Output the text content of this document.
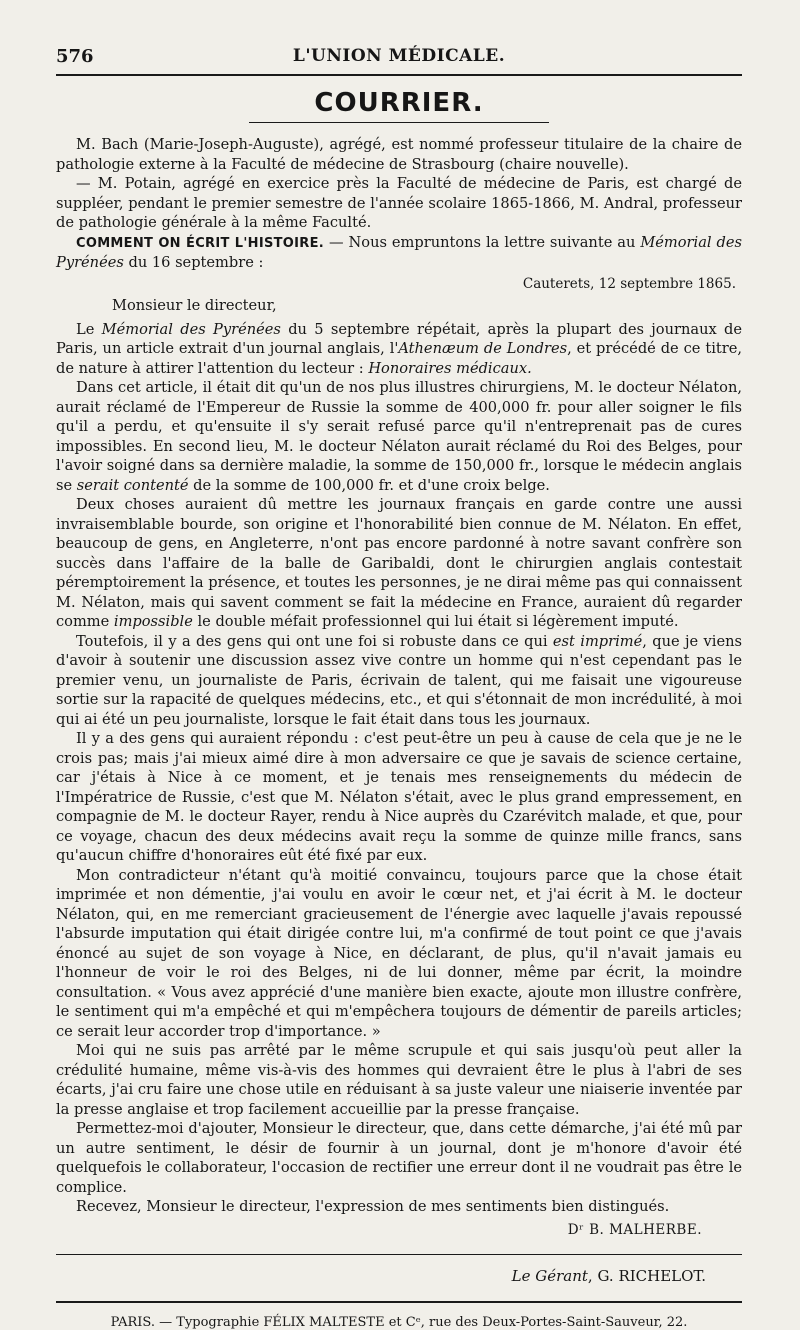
576	L'UNION MÉDICALE.
COURRIER.

M. Bach (Marie-Joseph-Auguste), agrégé, est nommé professeur titulaire de la chaire de pathologie externe à la Faculté de médecine de Strasbourg (chaire nouvelle).

— M. Potain, agrégé en exercice près la Faculté de médecine de Paris, est chargé de suppléer, pendant le premier semestre de l'année scolaire 1865-1866, M. Andral, professeur de pathologie générale à la même Faculté.

COMMENT ON ÉCRIT L'HISTOIRE. — Nous empruntons la lettre suivante au Mémorial des Pyrénées du 16 septembre :

Cauterets, 12 septembre 1865.

Monsieur le directeur,

Le Mémorial des Pyrénées du 5 septembre répétait, après la plupart des journaux de Paris, un article extrait d'un journal anglais, l'Athenæum de Londres, et précédé de ce titre, de nature à attirer l'attention du lecteur : Honoraires médicaux.

Dans cet article, il était dit qu'un de nos plus illustres chirurgiens, M. le docteur Nélaton, aurait réclamé de l'Empereur de Russie la somme de 400,000 fr. pour aller soigner le fils qu'il a perdu, et qu'ensuite il s'y serait refusé parce qu'il n'entreprenait pas de cures impossibles. En second lieu, M. le docteur Nélaton aurait réclamé du Roi des Belges, pour l'avoir soigné dans sa dernière maladie, la somme de 150,000 fr., lorsque le médecin anglais se serait contenté de la somme de 100,000 fr. et d'une croix belge.

Deux choses auraient dû mettre les journaux français en garde contre une aussi invraisemblable bourde, son origine et l'honorabilité bien connue de M. Nélaton. En effet, beaucoup de gens, en Angleterre, n'ont pas encore pardonné à notre savant confrère son succès dans l'affaire de la balle de Garibaldi, dont le chirurgien anglais contestait péremptoirement la présence, et toutes les personnes, je ne dirai même pas qui connaissent M. Nélaton, mais qui savent comment se fait la médecine en France, auraient dû regarder comme impossible le double méfait professionnel qui lui était si légèrement imputé.

Toutefois, il y a des gens qui ont une foi si robuste dans ce qui est imprimé, que je viens d'avoir à soutenir une discussion assez vive contre un homme qui n'est cependant pas le premier venu, un journaliste de Paris, écrivain de talent, qui me faisait une vigoureuse sortie sur la rapacité de quelques médecins, etc., et qui s'étonnait de mon incrédulité, à moi qui ai été un peu journaliste, lorsque le fait était dans tous les journaux.

Il y a des gens qui auraient répondu : c'est peut-être un peu à cause de cela que je ne le crois pas; mais j'ai mieux aimé dire à mon adversaire ce que je savais de science certaine, car j'étais à Nice à ce moment, et je tenais mes renseignements du médecin de l'Impératrice de Russie, c'est que M. Nélaton s'était, avec le plus grand empressement, en compagnie de M. le docteur Rayer, rendu à Nice auprès du Czarévitch malade, et que, pour ce voyage, chacun des deux médecins avait reçu la somme de quinze mille francs, sans qu'aucun chiffre d'honoraires eût été fixé par eux.

Mon contradicteur n'étant qu'à moitié convaincu, toujours parce que la chose était imprimée et non démentie, j'ai voulu en avoir le cœur net, et j'ai écrit à M. le docteur Nélaton, qui, en me remerciant gracieusement de l'énergie avec laquelle j'avais repoussé l'absurde imputation qui était dirigée contre lui, m'a confirmé de tout point ce que j'avais énoncé au sujet de son voyage à Nice, en déclarant, de plus, qu'il n'avait jamais eu l'honneur de voir le roi des Belges, ni de lui donner, même par écrit, la moindre consultation. « Vous avez apprécié d'une manière bien exacte, ajoute mon illustre confrère, le sentiment qui m'a empêché et qui m'empêchera toujours de démentir de pareils articles; ce serait leur accorder trop d'importance. »

Moi qui ne suis pas arrêté par le même scrupule et qui sais jusqu'où peut aller la crédulité humaine, même vis-à-vis des hommes qui devraient être le plus à l'abri de ses écarts, j'ai cru faire une chose utile en réduisant à sa juste valeur une niaiserie inventée par la presse anglaise et trop facilement accueillie par la presse française.

Permettez-moi d'ajouter, Monsieur le directeur, que, dans cette démarche, j'ai été mû par un autre sentiment, le désir de fournir à un journal, dont je m'honore d'avoir été quelquefois le collaborateur, l'occasion de rectifier une erreur dont il ne voudrait pas être le complice.

Recevez, Monsieur le directeur, l'expression de mes sentiments bien distingués.

Dʳ B. MALHERBE.
Le Gérant, G. RICHELOT.
PARIS. — Typographie FÉLIX MALTESTE et Cᵉ, rue des Deux-Portes-Saint-Sauveur, 22.
